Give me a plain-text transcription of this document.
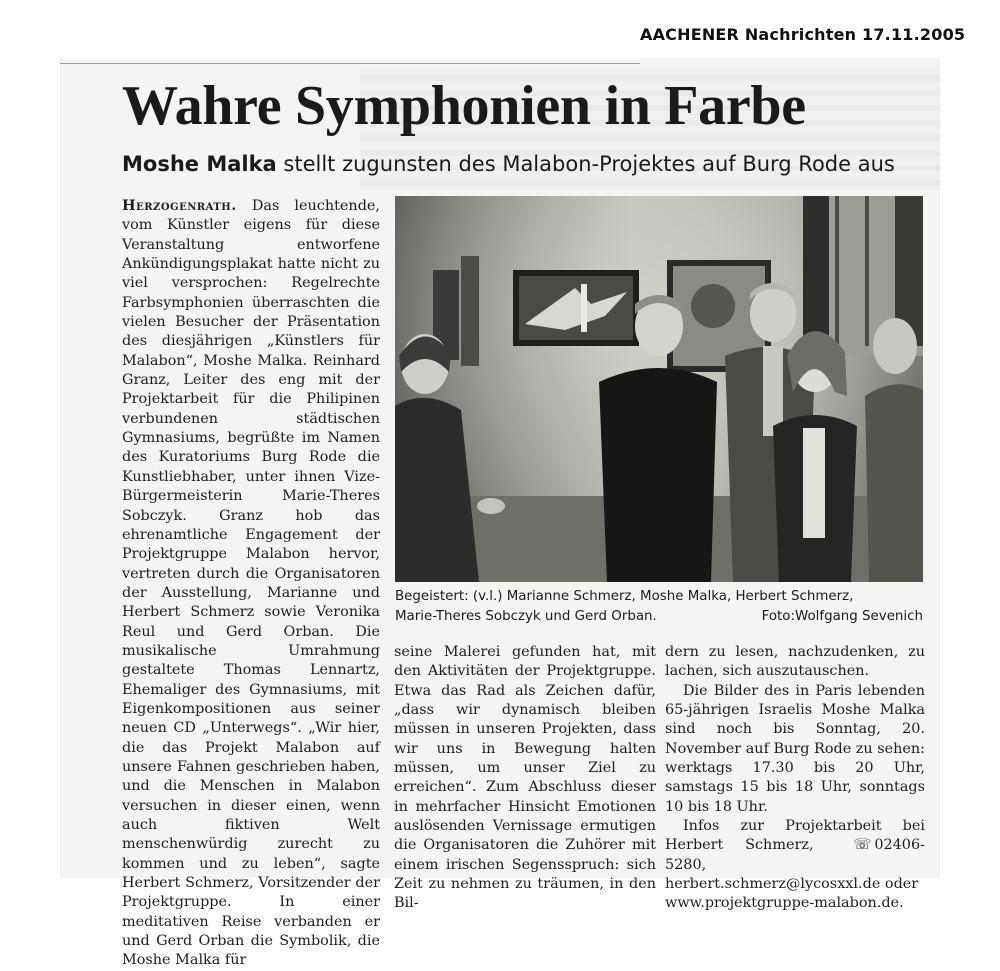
AACHENER Nachrichten 17.11.2005
Wahre Symphonien in Farbe
Moshe Malka stellt zugunsten des Malabon-Projektes auf Burg Rode aus

Herzogenrath. Das leuchtende, vom Künstler eigens für diese Veranstaltung entworfene Ankündigungsplakat hatte nicht zu viel versprochen: Regelrechte Farbsymphonien überraschten die vielen Besucher der Präsentation des diesjährigen „Künstlers für Malabon“, Moshe Malka. Reinhard Granz, Leiter des eng mit der Projektarbeit für die Philipinen verbundenen städtischen Gymnasiums, begrüßte im Namen des Kuratoriums Burg Rode die Kunstliebhaber, unter ihnen Vize-Bürgermeisterin Marie-Theres Sobczyk. Granz hob das ehrenamtliche Engagement der Projektgruppe Malabon hervor, vertreten durch die Organisatoren der Ausstellung, Marianne und Herbert Schmerz sowie Veronika Reul und Gerd Orban. Die musikalische Umrahmung gestaltete Thomas Lennartz, Ehemaliger des Gymnasiums, mit Eigenkompositionen aus seiner neuen CD „Unterwegs“. „Wir hier, die das Projekt Malabon auf unsere Fahnen geschrieben haben, und die Menschen in Malabon versuchen in dieser einen, wenn auch fiktiven Welt menschenwürdig zurecht zu kommen und zu leben“, sagte Herbert Schmerz, Vorsitzender der Projektgruppe. In einer meditativen Reise verbanden er und Gerd Orban die Symbolik, die Moshe Malka für

Begeistert: (v.l.) Marianne Schmerz, Moshe Malka, Herbert Schmerz,
Marie-Theres Sobczyk und Gerd Orban.	Foto:Wolfgang Sevenich

seine Malerei gefunden hat, mit den Aktivitäten der Projektgruppe. Etwa das Rad als Zeichen dafür, „dass wir dynamisch bleiben müssen in unseren Projekten, dass wir uns in Bewegung halten müssen, um unser Ziel zu erreichen“. Zum Abschluss dieser in mehrfacher Hinsicht Emotionen auslösenden Vernissage ermutigen die Organisatoren die Zuhörer mit einem irischen Segensspruch: sich Zeit zu nehmen zu träumen, in den Bil-

dern zu lesen, nachzudenken, zu lachen, sich auszutauschen.

Die Bilder des in Paris lebenden 65-jährigen Israelis Moshe Malka sind noch bis Sonntag, 20. November auf Burg Rode zu sehen: werktags 17.30 bis 20 Uhr, samstags 15 bis 18 Uhr, sonntags 10 bis 18 Uhr.

Infos zur Projektarbeit bei Herbert Schmerz,	☏ 02406-5280,

herbert.schmerz@lycosxxl.de oder

www.projektgruppe-malabon.de.
